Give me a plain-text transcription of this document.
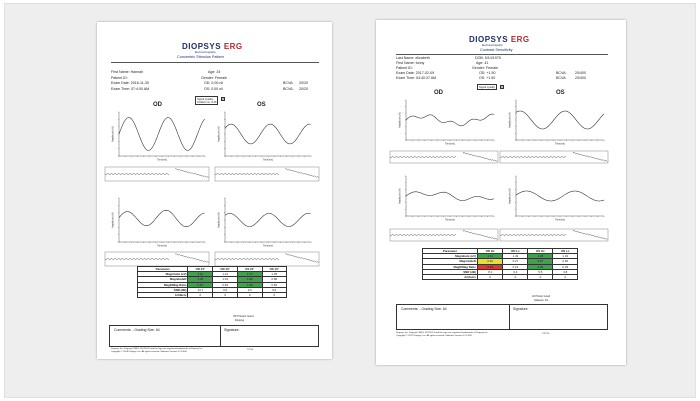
DIOPSYS ERG
Electroretinography
Concentric Stimulus Pattern
First Name: Hannah
Patient ID:
Exam Date: 2016-11-30
Exam Time: 07:4:00 AM
Age: 24
Gender: Female
OD: 0.00 nil
OS: 0.00 nil
BCVA: 20/20
BCVA: 20/20
Signal Quality
Artifacts on: 6.26
OD	OS
Amplitude (uV)
Time(ms)
Amplitude (uV)
Time(ms)
Amplitude (uV)
Time(ms)
Amplitude (uV)
Time(ms)
Parameter	OD 24°	OD 16°	OS 24°	OS 16°
Magnitude (uV)	3.91	1.24	1.72	1.05
MagnitudeD	3.46	1.04	1.86	0.86
MagD/Mag Ratio	0.87	0.83	1.08	0.82
SNR (dB)	13.7	9.5	9.0	9.6
Artifacts	0	0	0	0
OP Printed: Good
Diopsys
Comments: - Grading Size: 64	Signature:
Diopsys, Inc. Diopsys® ERG. DIOPSYS and the logo are registered trademarks of Diopsys Inc.
Copyright © 2016 Diopsys, Inc. All rights reserved. Software Version 3.1.5.456
7/7/16
DIOPSYS ERG
Electroretinography
Contrast Sensitivity
Last Name: elizabeth
First Name: tonny
Patient ID:
Exam Date: 2017-02-09
Exam Time: 04:40:37 AM
DOB: 5/14/1975
Age: 41
Gender: Female
OD: +1.50
OS: +1.50
BCVA: 20/400
BCVA: 20/400
Signal Quality
OD	OS
Amplitude (uV)
Time(ms)
Amplitude (uV)
Time(ms)
Amplitude (uV)
Time(ms)
Amplitude (uV)
Time(ms)
Parameter	OD Hc	OD Lc	OS Hc	OS Lc
Magnitude (uV)	1.11	1.43	1.08	1.32
MagnitudeD	0.92	0.27	0.97	0.60
MagD/Mag Ratio	0.83	0.19	0.90	0.45
SNR (dB)	8.1	0.4	5.5	3.8
Artifacts	0	0	0	0
HI Printer Good
Glasses: 1/1
Comments: - Grading Size: 64	Signature:
Diopsys, Inc. Diopsys® ERG. DIOPSYS and the logo are registered trademarks of Diopsys Inc.
Copyright © 2017 Diopsys, Inc. All rights reserved. Software Version 3.1.5.456
7/27/16
